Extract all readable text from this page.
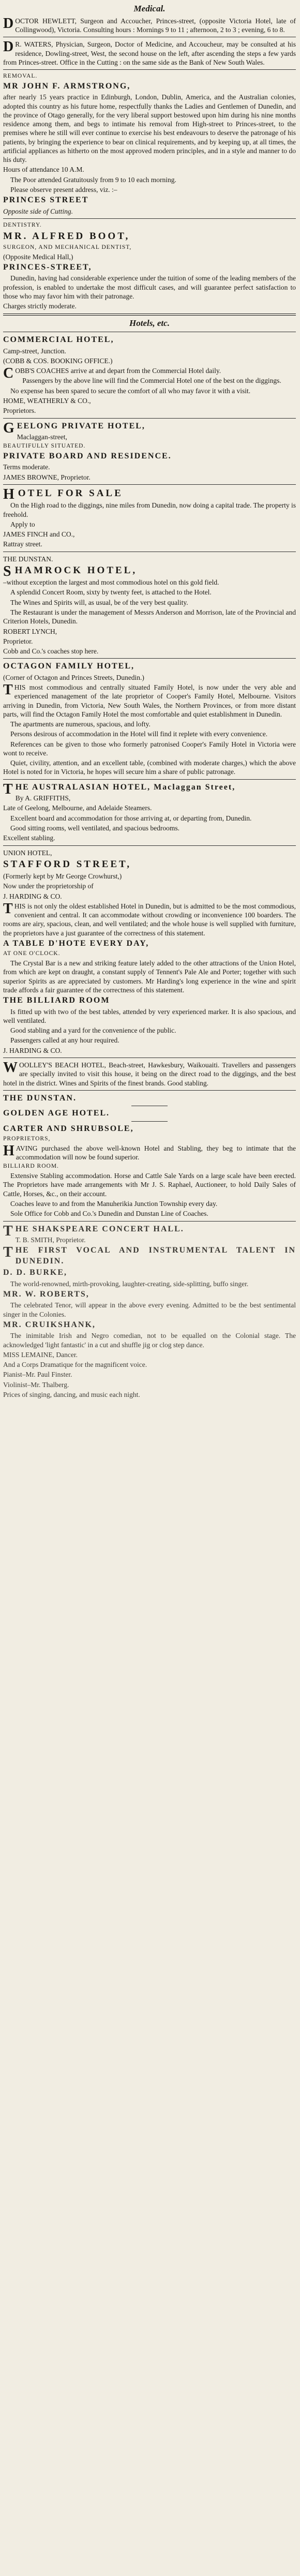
Medical.

DOCTOR HEWLETT, Surgeon and Accoucher, Princes-street, (opposite Victoria Hotel, late of Collingwood), Victoria. Consulting hours : Mornings 9 to 11 ; afternoon, 2 to 3 ; evening, 6 to 8.

DR. WATERS, Physician, Surgeon, Doctor of Medicine, and Accoucheur, may be consulted at his residence, Dowling-street, West, the second house on the left, after ascending the steps a few yards from Princes-street. Office in the Cutting : on the same side as the Bank of New South Wales.

REMOVAL.

MR JOHN F. ARMSTRONG,

after nearly 15 years practice in Edinburgh, London, Dublin, America, and the Australian colonies, adopted this country as his future home, respectfully thanks the Ladies and Gentlemen of Dunedin, and the province of Otago generally, for the very liberal support bestowed upon him during his nine months residence among them, and begs to intimate his removal from High-street to Princes-street, to the premises where he still will ever continue to exercise his best endeavours to deserve the patronage of his patients, by bringing the experience to bear on clinical requirements, and by keeping up, at all times, the artificial appliances as hitherto on the most approved modern principles, and in a style and manner to do his duty.

Hours of attendance 10 A.M.

The Poor attended Gratuitously from 9 to 10 each morning.

Please observe present address, viz. :–

PRINCES STREET

Opposite side of Cutting.

DENTISTRY.

MR. ALFRED BOOT,

SURGEON, AND MECHANICAL DENTIST,

(Opposite Medical Hall,)

PRINCES-STREET,

Dunedin, having had considerable experience under the tuition of some of the leading members of the profession, is enabled to undertake the most difficult cases, and will guarantee perfect satisfaction to those who may favor him with their patronage.

Charges strictly moderate.

Hotels, etc.

COMMERCIAL HOTEL,

Camp-street, Junction.

(COBB & COS. BOOKING OFFICE.)

COBB'S COACHES arrive at and depart from the Commercial Hotel daily.

Passengers by the above line will find the Commercial Hotel one of the best on the diggings.

No expense has been spared to secure the comfort of all who may favor it with a visit.

HOME, WEATHERLY & CO.,

Proprietors.

GEELONG PRIVATE HOTEL,

Maclaggan-street,

BEAUTIFULLY SITUATED.

PRIVATE BOARD AND RESIDENCE.

Terms moderate.

JAMES BROWNE, Proprietor.

HOTEL FOR SALE

On the High road to the diggings, nine miles from Dunedin, now doing a capital trade. The property is freehold.

Apply to

JAMES FINCH and CO.,

Rattray street.

THE DUNSTAN.

SHAMROCK HOTEL,

–without exception the largest and most commodious hotel on this gold field.

A splendid Concert Room, sixty by twenty feet, is attached to the Hotel.

The Wines and Spirits will, as usual, be of the very best quality.

The Restaurant is under the management of Messrs Anderson and Morrison, late of the Provincial and Criterion Hotels, Dunedin.

ROBERT LYNCH,

Proprietor.

Cobb and Co.'s coaches stop here.

OCTAGON FAMILY HOTEL,

(Corner of Octagon and Princes Streets, Dunedin.)

THIS most commodious and centrally situated Family Hotel, is now under the very able and experienced management of the late proprietor of Cooper's Family Hotel, Melbourne. Visitors arriving in Dunedin, from Victoria, New South Wales, the Northern Provinces, or from more distant parts, will find the Octagon Family Hotel the most comfortable and quiet establishment in Dunedin.

The apartments are numerous, spacious, and lofty.

Persons desirous of accommodation in the Hotel will find it replete with every convenience.

References can be given to those who formerly patronised Cooper's Family Hotel in Victoria were wont to receive.

Quiet, civility, attention, and an excellent table, (combined with moderate charges,) which the above Hotel is noted for in Victoria, he hopes will secure him a share of public patronage.

THE AUSTRALASIAN HOTEL, Maclaggan Street,

By A. GRIFFITHS,

Late of Geelong, Melbourne, and Adelaide Steamers.

Excellent board and accommodation for those arriving at, or departing from, Dunedin.

Good sitting rooms, well ventilated, and spacious bedrooms.

Excellent stabling.

UNION HOTEL,

STAFFORD STREET,

(Formerly kept by Mr George Crowhurst,)

Now under the proprietorship of

J. HARDING & CO.

THIS is not only the oldest established Hotel in Dunedin, but is admitted to be the most commodious, convenient and central. It can accommodate without crowding or inconvenience 100 boarders. The rooms are airy, spacious, clean, and well ventilated; and the whole house is well supplied with furniture, the proprietors have a just guarantee of the correctness of this statement.

A TABLE D'HOTE EVERY DAY,

AT ONE O'CLOCK.

The Crystal Bar is a new and striking feature lately added to the other attractions of the Union Hotel, from which are kept on draught, a constant supply of Tennent's Pale Ale and Porter; together with such superior Spirits as are appreciated by customers. Mr Harding's long experience in the wine and spirit trade affords a fair guarantee of the correctness of this statement.

THE BILLIARD ROOM

Is fitted up with two of the best tables, attended by very experienced marker. It is also spacious, and well ventilated.

Good stabling and a yard for the convenience of the public.

Passengers called at any hour required.

J. HARDING & CO.

WOOLLEY'S BEACH HOTEL, Beach-street, Hawkesbury, Waikouaiti. Travellers and passengers are specially invited to visit this house, it being on the direct road to the diggings, and the best hotel in the district. Wines and Spirits of the finest brands. Good stabling.

THE DUNSTAN.

GOLDEN AGE HOTEL.

CARTER AND SHRUBSOLE,

PROPRIETORS,

HAVING purchased the above well-known Hotel and Stabling, they beg to intimate that the accommodation will now be found superior.

BILLIARD ROOM.

Extensive Stabling accommodation. Horse and Cattle Sale Yards on a large scale have been erected. The Proprietors have made arrangements with Mr J. S. Raphael, Auctioneer, to hold Daily Sales of Cattle, Horses, &c., on their account.

Coaches leave to and from the Manuherikia Junction Township every day.

Sole Office for Cobb and Co.'s Dunedin and Dunstan Line of Coaches.

THE SHAKSPEARE CONCERT HALL.

T. B. SMITH, Proprietor.

THE FIRST VOCAL AND INSTRUMENTAL TALENT IN DUNEDIN.

D. D. BURKE,

The world-renowned, mirth-provoking, laughter-creating, side-splitting, buffo singer.

MR. W. ROBERTS,

The celebrated Tenor, will appear in the above every evening. Admitted to be the best sentimental singer in the Colonies.

MR. CRUIKSHANK,

The inimitable Irish and Negro comedian, not to be equalled on the Colonial stage. The acknowledged 'light fantastic' in a cut and shuffle jig or clog step dance.

MISS LEMAINE, Dancer.

And a Corps Dramatique for the magnificent voice.

Pianist–Mr. Paul Finster.

Violinist–Mr. Thalberg.

Prices of singing, dancing, and music each night.
